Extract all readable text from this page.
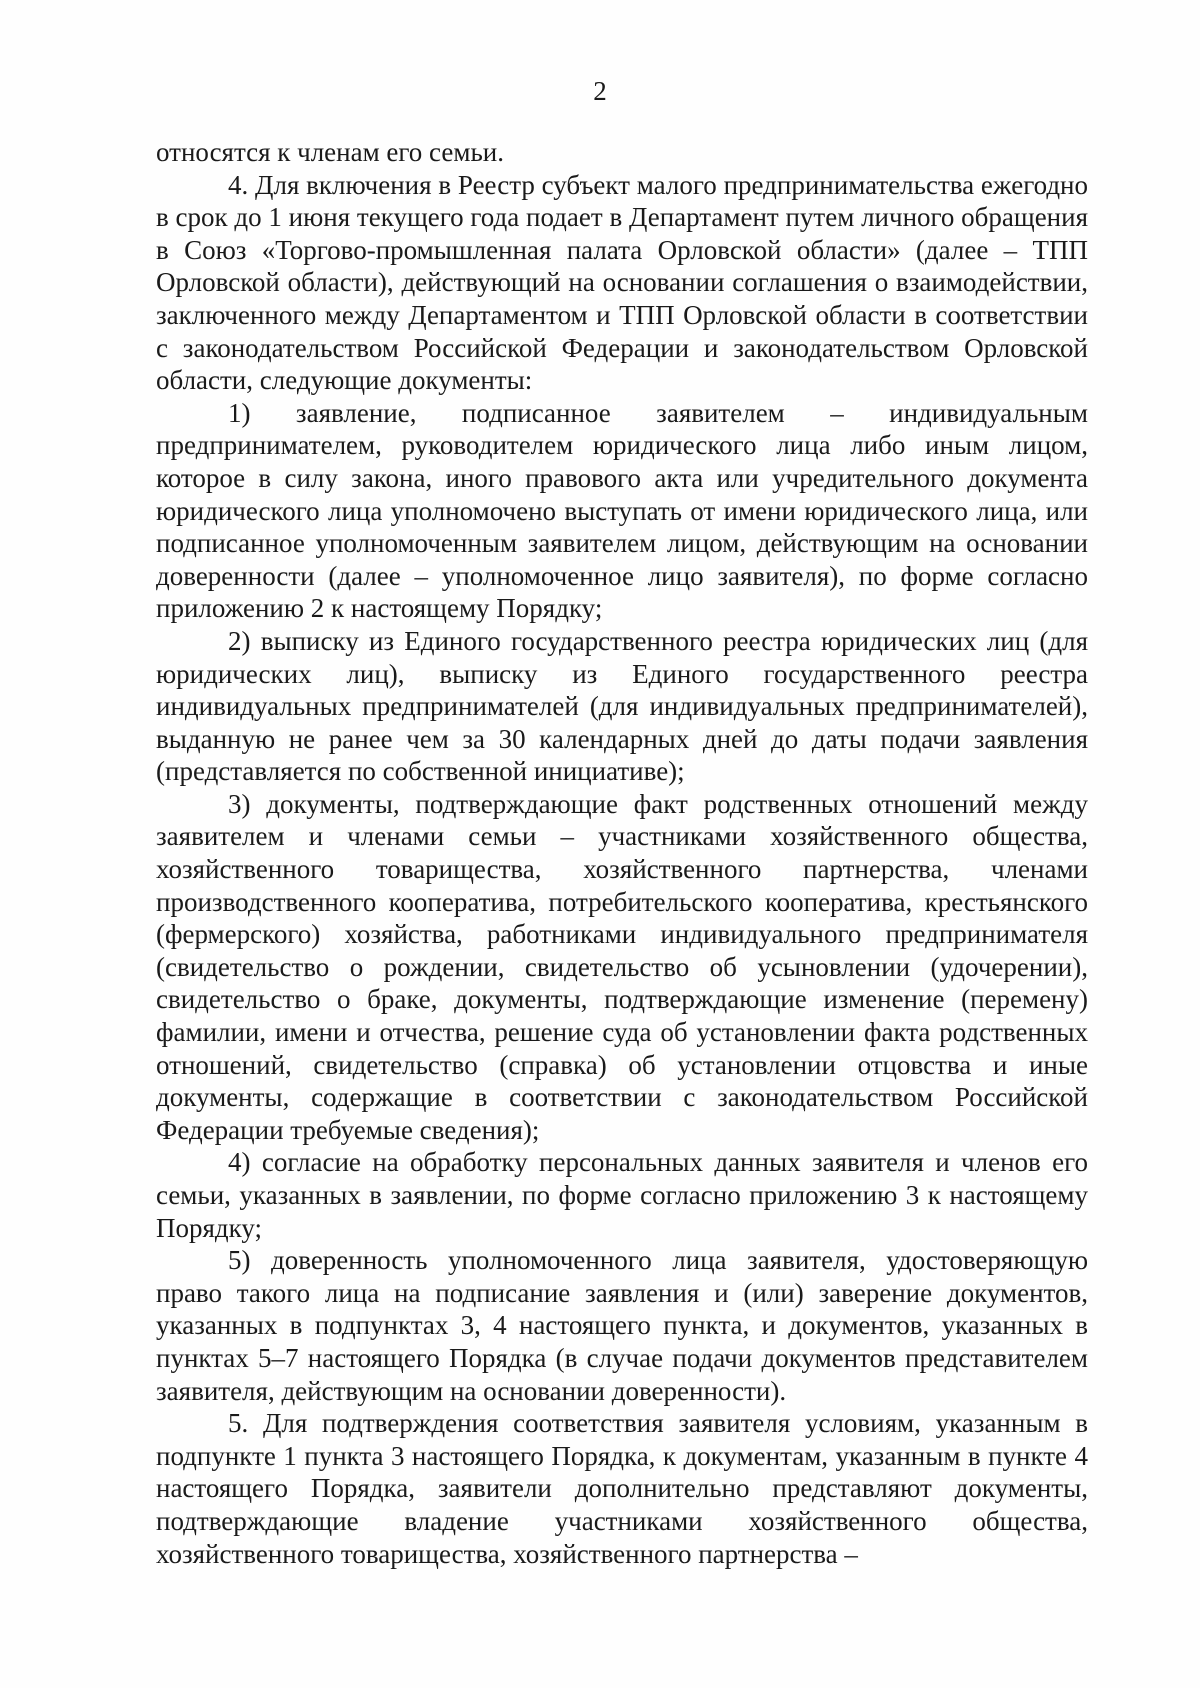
2

относятся к членам его семьи.

4. Для включения в Реестр субъект малого предпринимательства ежегодно в срок до 1 июня текущего года подает в Департамент путем личного обращения в Союз «Торгово-промышленная палата Орловской области» (далее – ТПП Орловской области), действующий на основании соглашения о взаимодействии, заключенного между Департаментом и ТПП Орловской области в соответствии с законодательством Российской Федерации и законодательством Орловской области, следующие документы:

1) заявление, подписанное заявителем – индивидуальным предпринимателем, руководителем юридического лица либо иным лицом, которое в силу закона, иного правового акта или учредительного документа юридического лица уполномочено выступать от имени юридического лица, или подписанное уполномоченным заявителем лицом, действующим на основании доверенности (далее – уполномоченное лицо заявителя), по форме согласно приложению 2 к настоящему Порядку;

2) выписку из Единого государственного реестра юридических лиц (для юридических лиц), выписку из Единого государственного реестра индивидуальных предпринимателей (для индивидуальных предпринимателей), выданную не ранее чем за 30 календарных дней до даты подачи заявления (представляется по собственной инициативе);

3) документы, подтверждающие факт родственных отношений между заявителем и членами семьи – участниками хозяйственного общества, хозяйственного товарищества, хозяйственного партнерства, членами производственного кооператива, потребительского кооператива, крестьянского (фермерского) хозяйства, работниками индивидуального предпринимателя (свидетельство о рождении, свидетельство об усыновлении (удочерении), свидетельство о браке, документы, подтверждающие изменение (перемену) фамилии, имени и отчества, решение суда об установлении факта родственных отношений, свидетельство (справка) об установлении отцовства и иные документы, содержащие в соответствии с законодательством Российской Федерации требуемые сведения);

4) согласие на обработку персональных данных заявителя и членов его семьи, указанных в заявлении, по форме согласно приложению 3 к настоящему Порядку;

5) доверенность уполномоченного лица заявителя, удостоверяющую право такого лица на подписание заявления и (или) заверение документов, указанных в подпунктах 3, 4 настоящего пункта, и документов, указанных в пунктах 5–7 настоящего Порядка (в случае подачи документов представителем заявителя, действующим на основании доверенности).

5. Для подтверждения соответствия заявителя условиям, указанным в подпункте 1 пункта 3 настоящего Порядка, к документам, указанным в пункте 4 настоящего Порядка, заявители дополнительно представляют документы, подтверждающие владение участниками хозяйственного общества, хозяйственного товарищества, хозяйственного партнерства –
